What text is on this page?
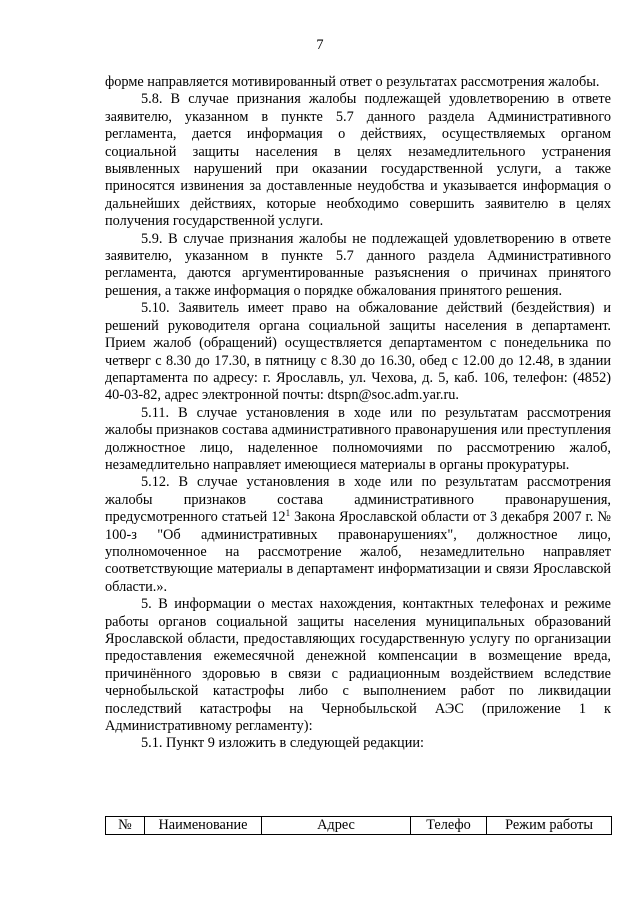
7

форме направляется мотивированный ответ о результатах рассмотрения жалобы.

5.8. В случае признания жалобы подлежащей удовлетворению в ответе заявителю, указанном в пункте 5.7 данного раздела Административного регламента, дается информация о действиях, осуществляемых органом социальной защиты населения в целях незамедлительного устранения выявленных нарушений при оказании государственной услуги, а также приносятся извинения за доставленные неудобства и указывается информация о дальнейших действиях, которые необходимо совершить заявителю в целях получения государственной услуги.

5.9. В случае признания жалобы не подлежащей удовлетворению в ответе заявителю, указанном в пункте 5.7 данного раздела Административного регламента, даются аргументированные разъяснения о причинах принятого решения, а также информация о порядке обжалования принятого решения.

5.10. Заявитель имеет право на обжалование действий (бездействия) и решений руководителя органа социальной защиты населения в департамент. Прием жалоб (обращений) осуществляется департаментом с понедельника по четверг с 8.30 до 17.30, в пятницу с 8.30 до 16.30, обед с 12.00 до 12.48, в здании департамента по адресу: г. Ярославль, ул. Чехова, д. 5, каб. 106, телефон: (4852) 40-03-82, адрес электронной почты: dtspn@soc.adm.yar.ru.

5.11. В случае установления в ходе или по результатам рассмотрения жалобы признаков состава административного правонарушения или преступления должностное лицо, наделенное полномочиями по рассмотрению жалоб, незамедлительно направляет имеющиеся материалы в органы прокуратуры.

5.12. В случае установления в ходе или по результатам рассмотрения жалобы признаков состава административного правонарушения, предусмотренного статьей $12^1$ Закона Ярославской области от 3 декабря 2007 г. № 100-з "Об административных правонарушениях", должностное лицо, уполномоченное на рассмотрение жалоб, незамедлительно направляет соответствующие материалы в департамент информатизации и связи Ярославской области.».

5. В информации о местах нахождения, контактных телефонах и режиме работы органов социальной защиты населения муниципальных образований Ярославской области, предоставляющих государственную услугу по организации предоставления ежемесячной денежной компенсации в возмещение вреда, причинённого здоровью в связи с радиационным воздействием вследствие чернобыльской катастрофы либо с выполнением работ по ликвидации последствий катастрофы на Чернобыльской АЭС (приложение 1 к Административному регламенту):

5.1. Пункт 9 изложить в следующей редакции:

№	Наименование	Адрес	Телефо	Режим работы
